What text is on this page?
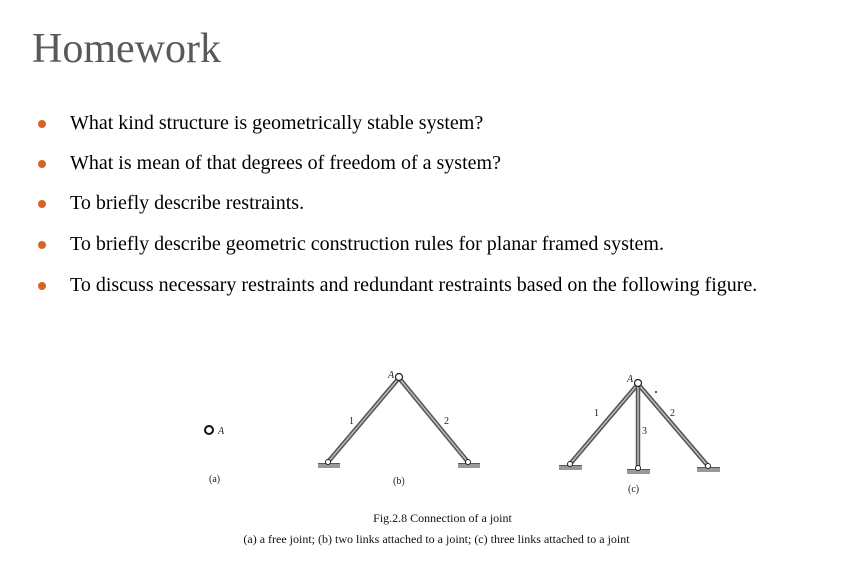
Homework
What kind structure is geometrically stable system?
What is mean of that degrees of freedom of a system?
To briefly describe restraints.
To briefly describe geometric construction rules for planar framed system.
To discuss necessary restraints and redundant restraints based on the following figure.
A
(a)
A
1	2
(b)
A
1	2
3
(c)
Fig.2.8 Connection of a joint
(a) a free joint; (b) two links attached to a joint; (c) three links attached to a joint
